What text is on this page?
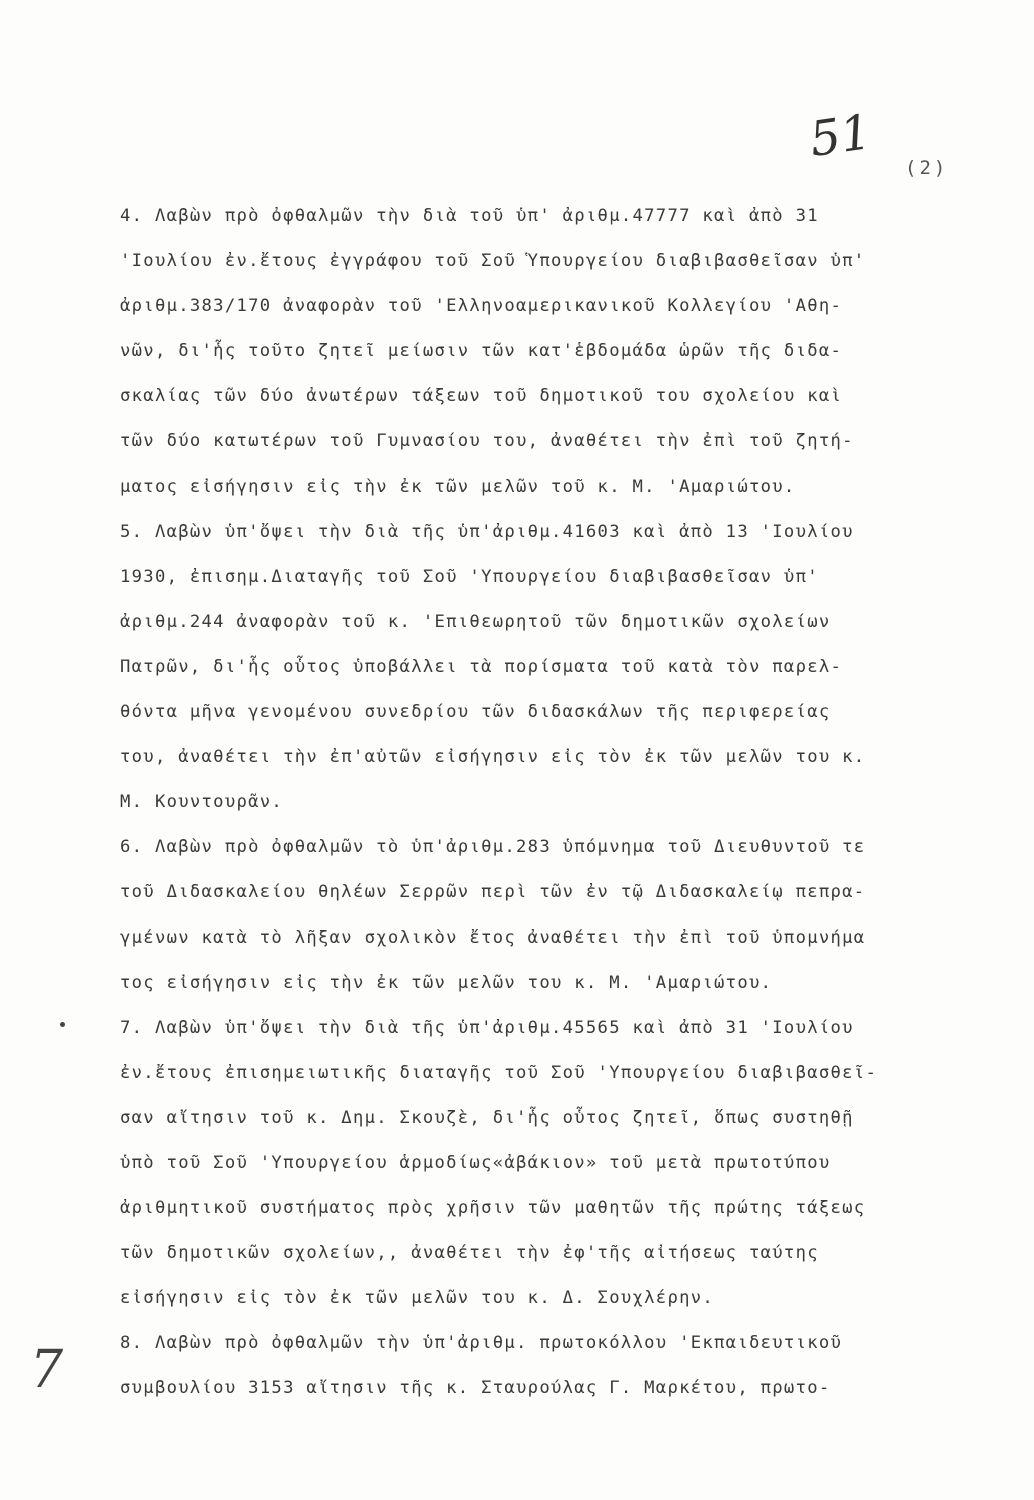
51
(2)
4. Λαβὼν πρὸ ὀφθαλμῶν τὴν διὰ τοῦ ὑπ' ἀριθμ.47777 καὶ ἀπὸ 31
'Ιουλίου ἐν.ἔτους ἐγγράφου τοῦ Σοῦ Ὑπουργείου διαβιβασθεῖσαν ὑπ'
ἀριθμ.383/170 ἀναφορὰν τοῦ 'Ελληνοαμερικανικοῦ Κολλεγίου 'Αθη-
νῶν, δι'ἧς τοῦτο ζητεῖ μείωσιν τῶν κατ'ἑβδομάδα ὡρῶν τῆς διδα-
σκαλίας τῶν δύο ἀνωτέρων τάξεων τοῦ δημοτικοῦ του σχολείου καὶ
τῶν δύο κατωτέρων τοῦ Γυμνασίου του, ἀναθέτει τὴν ἐπὶ τοῦ ζητή-
ματος εἰσήγησιν εἰς τὴν ἐκ τῶν μελῶν τοῦ κ. Μ. 'Αμαριώτου.
5. Λαβὼν ὑπ'ὄψει τὴν διὰ τῆς ὑπ'ἀριθμ.41603 καὶ ἀπὸ 13 'Ιουλίου
1930, ἐπισημ.Διαταγῆς τοῦ Σοῦ 'Υπουργείου διαβιβασθεῖσαν ὑπ'
ἀριθμ.244 ἀναφορὰν τοῦ κ. 'Επιθεωρητοῦ τῶν δημοτικῶν σχολείων
Πατρῶν, δι'ἧς οὗτος ὑποβάλλει τὰ πορίσματα τοῦ κατὰ τὸν παρελ-
θόντα μῆνα γενομένου συνεδρίου τῶν διδασκάλων τῆς περιφερείας
του, ἀναθέτει τὴν ἐπ'αὐτῶν εἰσήγησιν εἰς τὸν ἐκ τῶν μελῶν του κ.
Μ. Κουντουρᾶν.
6. Λαβὼν πρὸ ὀφθαλμῶν τὸ ὑπ'ἀριθμ.283 ὑπόμνημα τοῦ Διευθυντοῦ τε
τοῦ Διδασκαλείου θηλέων Σερρῶν περὶ τῶν ἐν τῷ Διδασκαλείῳ πεπρα-
γμένων κατὰ τὸ λῆξαν σχολικὸν ἔτος ἀναθέτει τὴν ἐπὶ τοῦ ὑπομνήμα
τος εἰσήγησιν εἰς τὴν ἐκ τῶν μελῶν του κ. Μ. 'Αμαριώτου.
7. Λαβὼν ὑπ'ὄψει τὴν διὰ τῆς ὑπ'ἀριθμ.45565 καὶ ἀπὸ 31 'Ιουλίου
ἐν.ἔτους ἐπισημειωτικῆς διαταγῆς τοῦ Σοῦ 'Υπουργείου διαβιβασθεῖ-
σαν αἴτησιν τοῦ κ. Δημ. Σκουζὲ, δι'ἧς οὗτος ζητεῖ, ὅπως συστηθῇ
ὑπὸ τοῦ Σοῦ 'Υπουργείου ἁρμοδίως«ἀβάκιον» τοῦ μετὰ πρωτοτύπου
ἀριθμητικοῦ συστήματος πρὸς χρῆσιν τῶν μαθητῶν τῆς πρώτης τάξεως
τῶν δημοτικῶν σχολείων,, ἀναθέτει τὴν ἐφ'τῆς αἰτήσεως ταύτης
εἰσήγησιν εἰς τὸν ἐκ τῶν μελῶν του κ. Δ. Σουχλέρην.
8. Λαβὼν πρὸ ὀφθαλμῶν τὴν ὑπ'ἀριθμ. πρωτοκόλλου 'Εκπαιδευτικοῦ
συμβουλίου 3153 αἴτησιν τῆς κ. Σταυρούλας Γ. Μαρκέτου, πρωτο-
7
